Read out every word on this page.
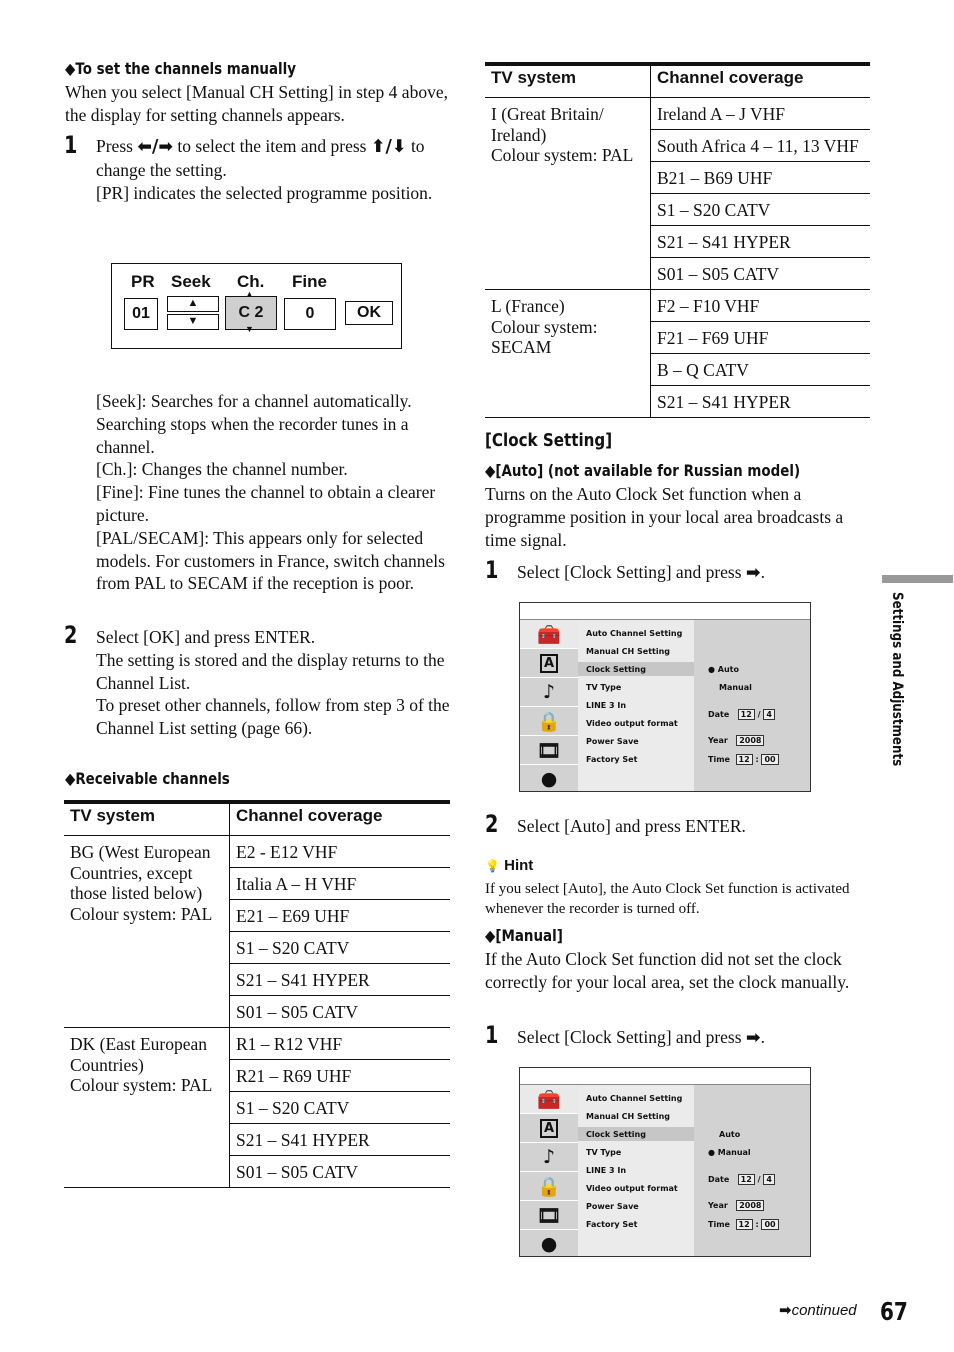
◆To set the channels manually
When you select [Manual CH Setting] in step 4 above, the display for setting channels appears.
1 Press ⬅/➡ to select the item and press ⬆/⬇ to change the setting.
[PR] indicates the selected programme position.
PR Seek Ch. Fine
01
▲

▼	C 2
▲
▼
0	OK
[Seek]: Searches for a channel automatically. Searching stops when the recorder tunes in a channel.
[Ch.]: Changes the channel number.
[Fine]: Fine tunes the channel to obtain a clearer picture.
[PAL/SECAM]: This appears only for selected models. For customers in France, switch channels from PAL to SECAM if the reception is poor.
2 Select [OK] and press ENTER.
The setting is stored and the display returns to the Channel List.
To preset other channels, follow from step 3 of the Channel List setting (page 66).
◆Receivable channels
TV system	Channel coverage

BG (West European
Countries, except
those listed below)
Colour system: PAL	E2 - E12 VHF
	Italia A – H VHF
	E21 – E69 UHF
	S1 – S20 CATV
	S21 – S41 HYPER
	S01 – S05 CATV

DK (East European
Countries)
Colour system: PAL	R1 – R12 VHF
	R21 – R69 UHF
	S1 – S20 CATV
	S21 – S41 HYPER
	S01 – S05 CATV
TV system	Channel coverage

I (Great Britain/
Ireland)
Colour system: PAL	Ireland A – J VHF
	South Africa 4 – 11, 13 VHF
	B21 – B69 UHF
	S1 – S20 CATV
	S21 – S41 HYPER
	S01 – S05 CATV

L (France)
Colour system:
SECAM	F2 – F10 VHF
	F21 – F69 UHF
	B – Q CATV
	S21 – S41 HYPER
[Clock Setting]
◆[Auto] (not available for Russian model)
Turns on the Auto Clock Set function when a programme position in your local area broadcasts a time signal.
1 Select [Clock Setting] and press ➡.
🧰
A
♪
🔒
🎞
●
Auto Channel Setting
Manual CH Setting
Clock Setting
TV Type
LINE 3 In
Video output format
Power Save
Factory Set
● Auto
Manual
Date 12 / 4
Year 2008
Time 12 : 00
2 Select [Auto] and press ENTER.
💡 Hint
If you select [Auto], the Auto Clock Set function is activated whenever the recorder is turned off.
◆[Manual]
If the Auto Clock Set function did not set the clock correctly for your local area, set the clock manually.
1 Select [Clock Setting] and press ➡.
🧰
A
♪
🔒
🎞
●
Auto Channel Setting
Manual CH Setting
Clock Setting
TV Type
LINE 3 In
Video output format
Power Save
Factory Set
Auto
● Manual
Date 12 / 4
Year 2008
Time 12 : 00
Settings and Adjustments
➡continued 67
